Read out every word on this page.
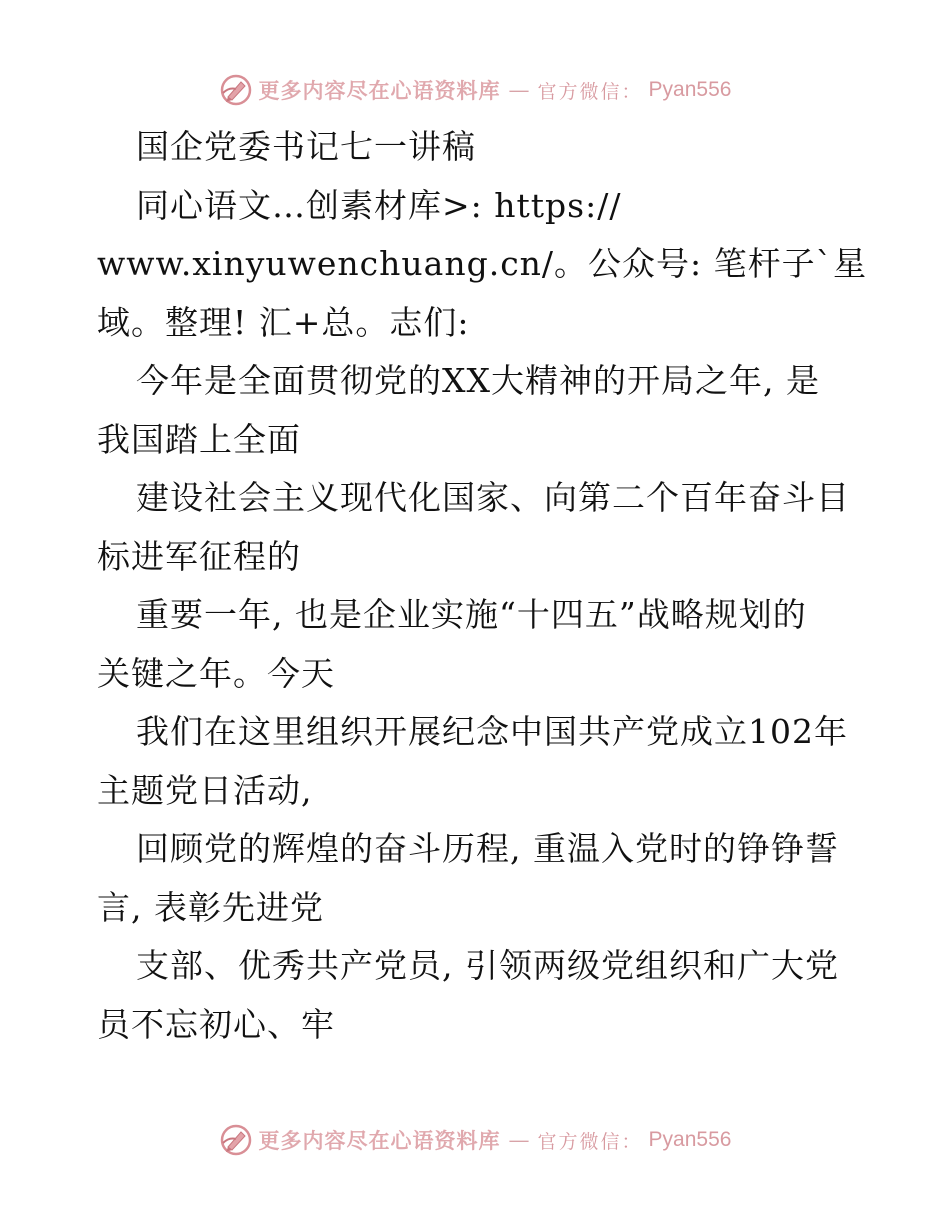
更多内容尽在心语资料库 — 官方微信： Pyan556
国企党委书记七一讲稿
同心语文…创素材库>: https://
www.xinyuwenchuang.cn/。公众号: 笔杆子`星
域。整理! 汇+总。志们:
今年是全面贯彻党的XX大精神的开局之年, 是
我国踏上全面
建设社会主义现代化国家、向第二个百年奋斗目
标进军征程的
重要一年, 也是企业实施“十四五”战略规划的
关键之年。今天
我们在这里组织开展纪念中国共产党成立102年
主题党日活动,
回顾党的辉煌的奋斗历程, 重温入党时的铮铮誓
言, 表彰先进党
支部、优秀共产党员, 引领两级党组织和广大党
员不忘初心、牢
更多内容尽在心语资料库 — 官方微信： Pyan556
